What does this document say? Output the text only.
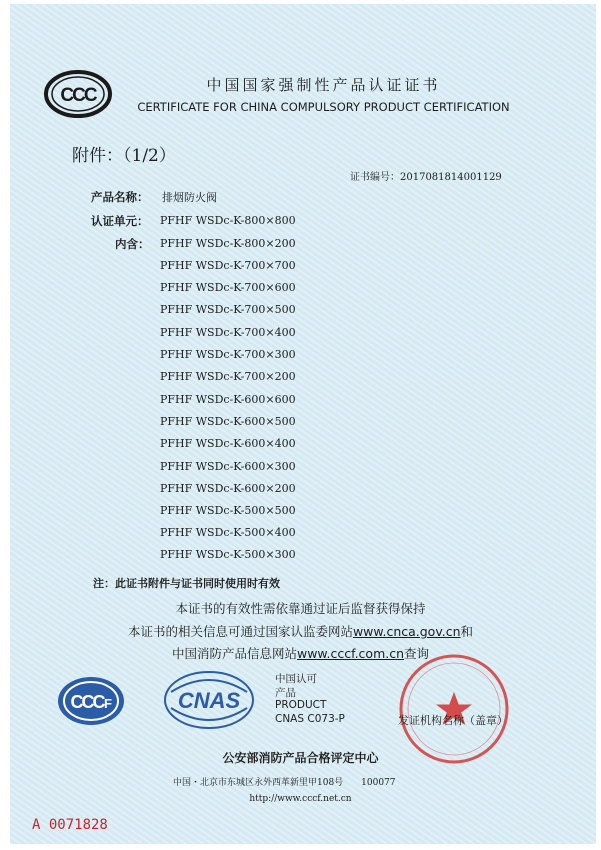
CCC	中国国家强制性产品认证证书
CERTIFICATE FOR CHINA COMPULSORY PRODUCT CERTIFICATION
附件：（1/2）
证书编号：2017081814001129
产品名称： 排烟防火阀
认证单元： PFHF WSDc-K-800×800
内含： PFHF WSDc-K-800×200
PFHF WSDc-K-700×700
PFHF WSDc-K-700×600
PFHF WSDc-K-700×500
PFHF WSDc-K-700×400
PFHF WSDc-K-700×300
PFHF WSDc-K-700×200
PFHF WSDc-K-600×600
PFHF WSDc-K-600×500
PFHF WSDc-K-600×400
PFHF WSDc-K-600×300
PFHF WSDc-K-600×200
PFHF WSDc-K-500×500
PFHF WSDc-K-500×400
PFHF WSDc-K-500×300
注：此证书附件与证书同时使用时有效
本证书的有效性需依靠通过证后监督获得保持
本证书的相关信息可通过国家认监委网站www.cnca.gov.cn和
中国消防产品信息网站www.cccf.com.cn查询
CCC F	CNAS
中国认可
产品
PRODUCT
CNAS C073-P	发证机构名称（盖章）
公安部消防产品合格评定中心
中国・北京市东城区永外西革新里甲108号　　100077
http://www.cccf.net.cn
A 0071828
